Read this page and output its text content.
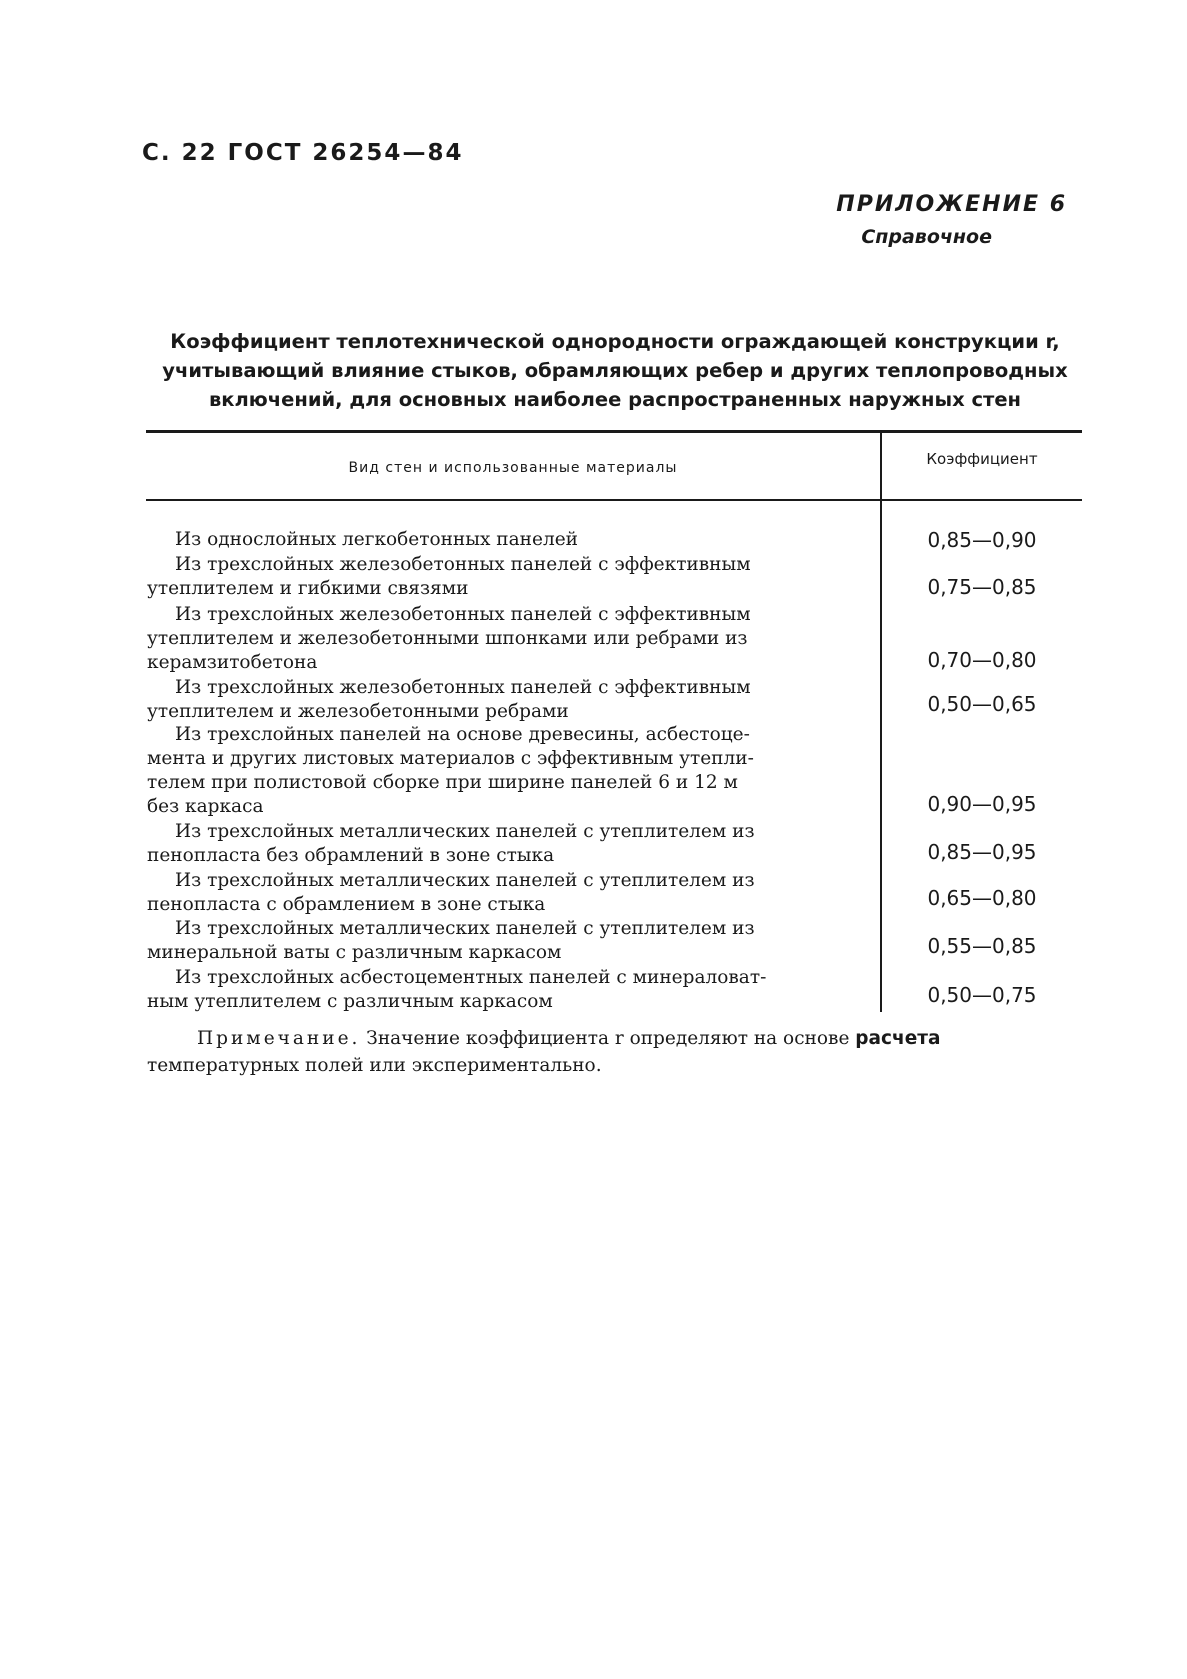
С. 22 ГОСТ 26254—84
ПРИЛОЖЕНИЕ 6
Справочное
Коэффициент теплотехнической однородности ограждающей конструкции r,
учитывающий влияние стыков, обрамляющих ребер и других теплопроводных
включений, для основных наиболее распространенных наружных стен
Вид стен и использованные материалы	Коэффициент
Из однослойных легкобетонных панелей	0,85—0,90
Из трехслойных железобетонных панелей с эффективным
утеплителем и гибкими связями	0,75—0,85
Из трехслойных железобетонных панелей с эффективным
утеплителем и железобетонными шпонками или ребрами из
керамзитобетона	0,70—0,80
Из трехслойных железобетонных панелей с эффективным
утеплителем и железобетонными ребрами	0,50—0,65
Из трехслойных панелей на основе древесины, асбестоце-
мента и других листовых материалов с эффективным утепли-
телем при полистовой сборке при ширине панелей 6 и 12 м
без каркаса	0,90—0,95
Из трехслойных металлических панелей с утеплителем из
пенопласта без обрамлений в зоне стыка	0,85—0,95
Из трехслойных металлических панелей с утеплителем из
пенопласта с обрамлением в зоне стыка	0,65—0,80
Из трехслойных металлических панелей с утеплителем из
минеральной ваты с различным каркасом	0,55—0,85
Из трехслойных асбестоцементных панелей с минераловат-
ным утеплителем с различным каркасом	0,50—0,75
Примечание. Значение коэффициента r определяют на основе расчета
температурных полей или экспериментально.
